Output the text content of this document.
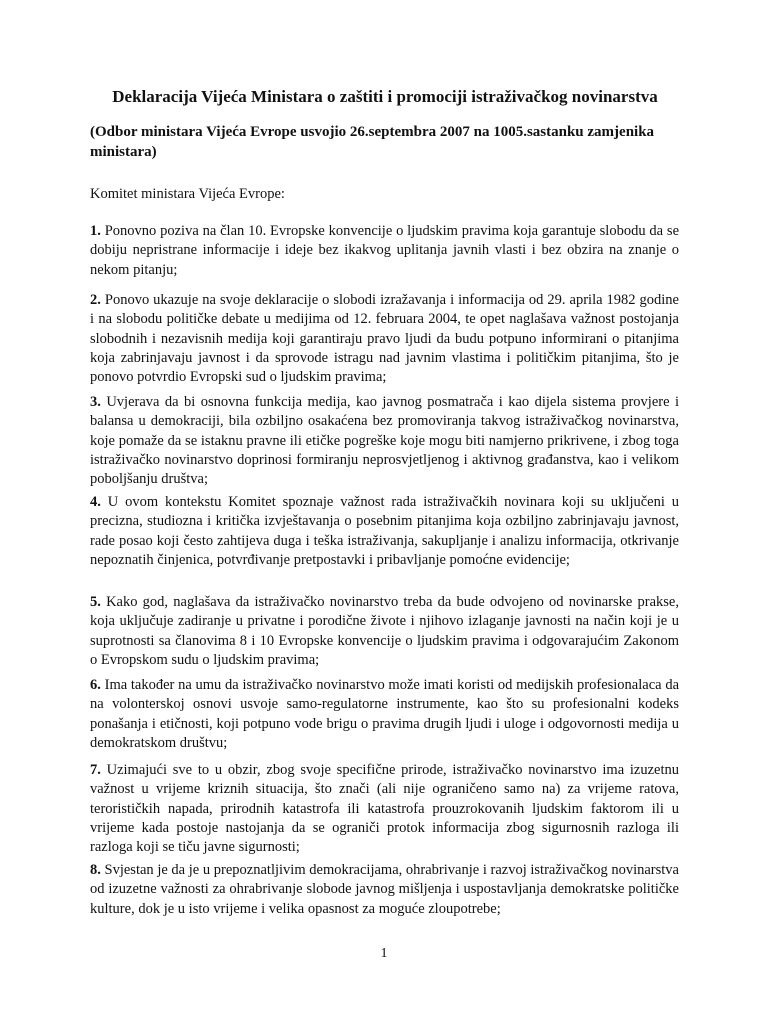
Deklaracija Vijeća Ministara o zaštiti i promociji istraživačkog novinarstva

(Odbor ministara Vijeća Evrope usvojio 26.septembra 2007 na 1005.sastanku zamjenika ministara)

Komitet ministara Vijeća Evrope:

1. Ponovno poziva na član 10. Evropske konvencije o ljudskim pravima koja garantuje slobodu da se dobiju nepristrane informacije i ideje bez ikakvog uplitanja javnih vlasti i bez obzira na znanje o nekom pitanju;

2. Ponovo ukazuje na svoje deklaracije o slobodi izražavanja i informacija od 29. aprila 1982 godine i na slobodu političke debate u medijima od 12. februara 2004, te opet naglašava važnost postojanja slobodnih i nezavisnih medija koji garantiraju pravo ljudi da budu potpuno informirani o pitanjima koja zabrinjavaju javnost i da sprovode istragu nad javnim vlastima i političkim pitanjima, što je ponovo potvrdio Evropski sud o ljudskim pravima;

3. Uvjerava da bi osnovna funkcija medija, kao javnog posmatrača i kao dijela sistema provjere i balansa u demokraciji, bila ozbiljno osakaćena bez promoviranja takvog istraživačkog novinarstva, koje pomaže da se istaknu pravne ili etičke pogreške koje mogu biti namjerno prikrivene, i zbog toga istraživačko novinarstvo doprinosi formiranju neprosvjetljenog i aktivnog građanstva, kao i velikom poboljšanju društva;

4. U ovom kontekstu Komitet spoznaje važnost rada istraživačkih novinara koji su uključeni u precizna, studiozna i kritička izvještavanja o posebnim pitanjima koja ozbiljno zabrinjavaju javnost, rade posao koji često zahtijeva duga i teška istraživanja, sakupljanje i analizu informacija, otkrivanje nepoznatih činjenica, potvrđivanje pretpostavki i pribavljanje pomoćne evidencije;

5. Kako god, naglašava da istraživačko novinarstvo treba da bude odvojeno od novinarske prakse, koja uključuje zadiranje u privatne i porodične živote i njihovo izlaganje javnosti na način koji je u suprotnosti sa članovima 8 i 10 Evropske konvencije o ljudskim pravima i odgovarajućim Zakonom o Evropskom sudu o ljudskim pravima;

6. Ima također na umu da istraživačko novinarstvo može imati koristi od medijskih profesionalaca da na volonterskoj osnovi usvoje samo-regulatorne instrumente, kao što su profesionalni kodeks ponašanja i etičnosti, koji potpuno vode brigu o pravima drugih ljudi i uloge i odgovornosti medija u demokratskom društvu;

7. Uzimajući sve to u obzir, zbog svoje specifične prirode, istraživačko novinarstvo ima izuzetnu važnost u vrijeme kriznih situacija, što znači (ali nije ograničeno samo na) za vrijeme ratova, terorističkih napada, prirodnih katastrofa ili katastrofa prouzrokovanih ljudskim faktorom ili u vrijeme kada postoje nastojanja da se ograniči protok informacija zbog sigurnosnih razloga ili razloga koji se tiču javne sigurnosti;

8. Svjestan je da je u prepoznatljivim demokracijama, ohrabrivanje i razvoj istraživačkog novinarstva od izuzetne važnosti za ohrabrivanje slobode javnog mišljenja i uspostavljanja demokratske političke kulture, dok je u isto vrijeme i velika opasnost za moguće zloupotrebe;

1
